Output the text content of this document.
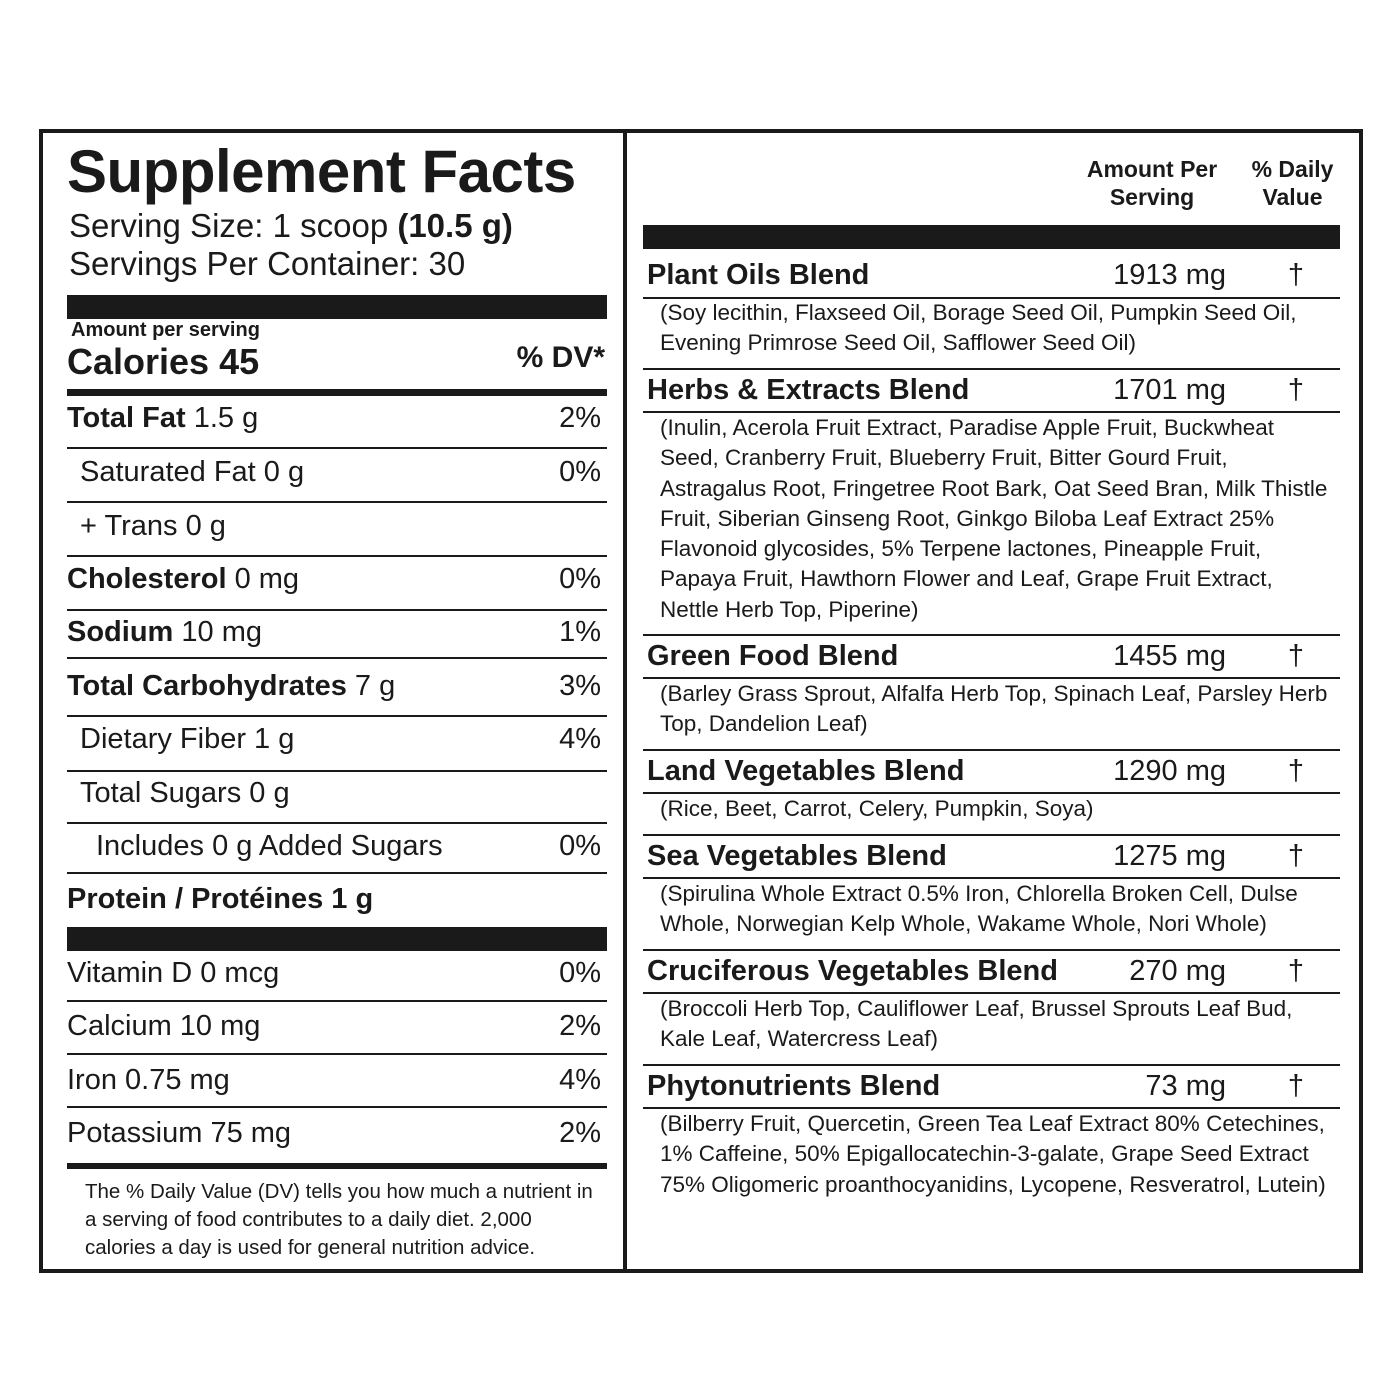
Supplement Facts
Serving Size: 1 scoop (10.5 g)
Servings Per Container: 30
Amount per serving
Calories 45	% DV*
Total Fat 1.5 g	2%
Saturated Fat 0 g	0%
+ Trans 0 g
Cholesterol 0 mg	0%
Sodium 10 mg	1%
Total Carbohydrates 7 g	3%
Dietary Fiber 1 g	4%
Total Sugars 0 g
Includes 0 g Added Sugars	0%
Protein / Protéines 1 g
Vitamin D 0 mcg	0%
Calcium 10 mg	2%
Iron 0.75 mg	4%
Potassium 75 mg	2%
The % Daily Value (DV) tells you how much a nutrient in a serving of food contributes to a daily diet. 2,000 calories a day is used for general nutrition advice.
Amount Per Serving
% Daily Value
Plant Oils Blend	1913 mg †
(Soy lecithin, Flaxseed Oil, Borage Seed Oil, Pumpkin Seed Oil, Evening Primrose Seed Oil, Safflower Seed Oil)
Herbs & Extracts Blend	1701 mg †
(Inulin, Acerola Fruit Extract, Paradise Apple Fruit, Buckwheat Seed, Cranberry Fruit, Blueberry Fruit, Bitter Gourd Fruit, Astragalus Root, Fringetree Root Bark, Oat Seed Bran, Milk Thistle Fruit, Siberian Ginseng Root, Ginkgo Biloba Leaf Extract 25% Flavonoid glycosides, 5% Terpene lactones, Pineapple Fruit, Papaya Fruit, Hawthorn Flower and Leaf, Grape Fruit Extract, Nettle Herb Top, Piperine)
Green Food Blend	1455 mg †
(Barley Grass Sprout, Alfalfa Herb Top, Spinach Leaf, Parsley Herb Top, Dandelion Leaf)
Land Vegetables Blend	1290 mg †
(Rice, Beet, Carrot, Celery, Pumpkin, Soya)
Sea Vegetables Blend	1275 mg †
(Spirulina Whole Extract 0.5% Iron, Chlorella Broken Cell, Dulse Whole, Norwegian Kelp Whole, Wakame Whole, Nori Whole)
Cruciferous Vegetables Blend 270 mg †
(Broccoli Herb Top, Cauliflower Leaf, Brussel Sprouts Leaf Bud, Kale Leaf, Watercress Leaf)
Phytonutrients Blend	73 mg †
(Bilberry Fruit, Quercetin, Green Tea Leaf Extract 80% Cetechines, 1% Caffeine, 50% Epigallocatechin-3-galate, Grape Seed Extract 75% Oligomeric proanthocyanidins, Lycopene, Resveratrol, Lutein)
